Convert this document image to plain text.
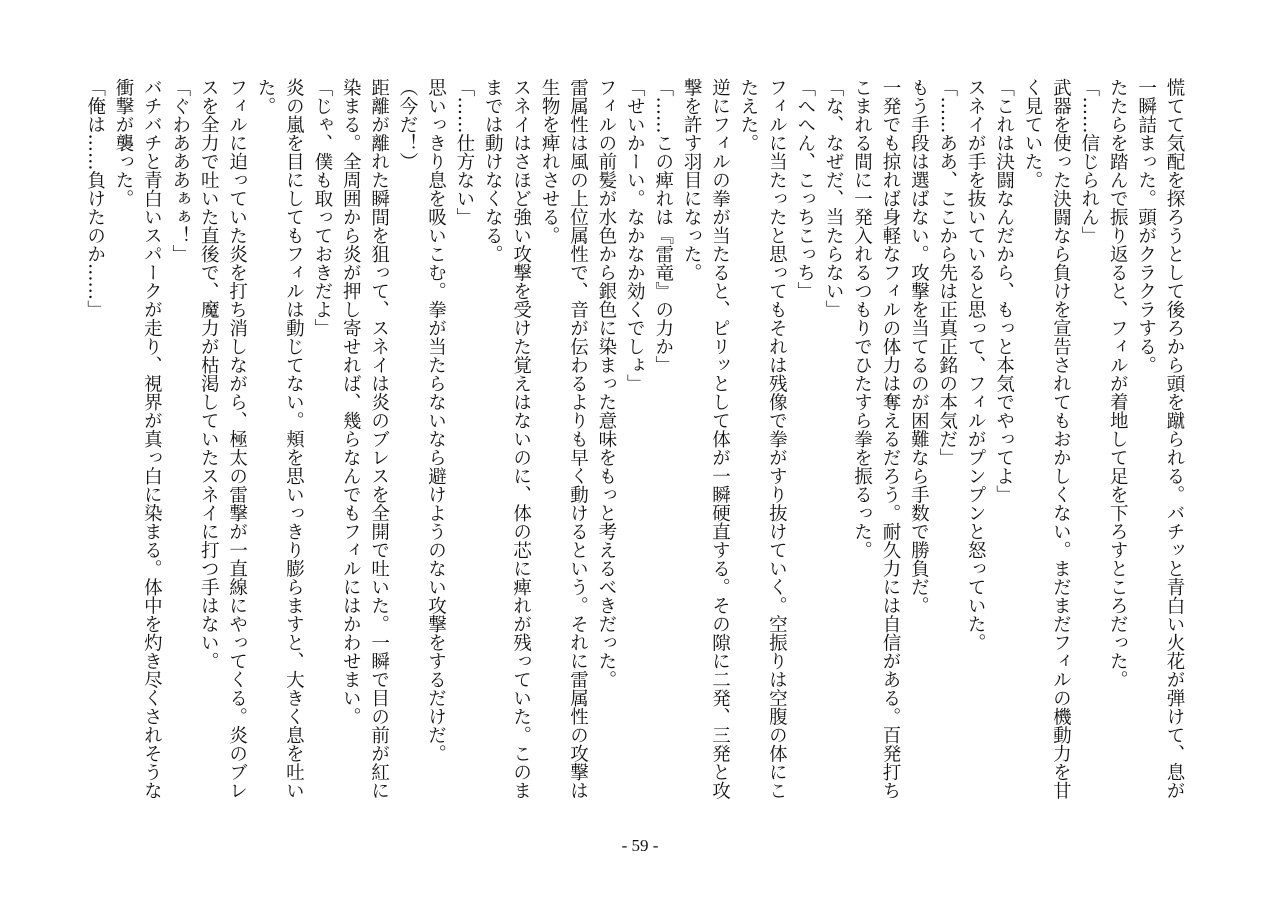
慌てて気配を探ろうとして後ろから頭を蹴られる。バチッと青白い火花が弾けて、息が
一瞬詰まった。頭がクラクラする。
たたらを踏んで振り返ると、フィルが着地して足を下ろすところだった。
「……信じられん」
武器を使った決闘なら負けを宣告されてもおかしくない。まだまだフィルの機動力を甘
く見ていた。
「これは決闘なんだから、もっと本気でやってよ」
スネイが手を抜いていると思って、フィルがプンプンと怒っていた。
「……ああ、ここから先は正真正銘の本気だ」
もう手段は選ばない。攻撃を当てるのが困難なら手数で勝負だ。
一発でも掠れば身軽なフィルの体力は奪えるだろう。耐久力には自信がある。百発打ち
こまれる間に一発入れるつもりでひたすら拳を振るった。
「な、なぜだ、当たらない」
「へへん、こっちこっち」
フィルに当たったと思ってもそれは残像で拳がすり抜けていく。空振りは空腹の体にこ
たえた。
逆にフィルの拳が当たると、ピリッとして体が一瞬硬直する。その隙に二発、三発と攻
撃を許す羽目になった。
「……この痺れは『雷竜』の力か」
「せいかーい。なかなか効くでしょ」
フィルの前髪が水色から銀色に染まった意味をもっと考えるべきだった。
雷属性は風の上位属性で、音が伝わるよりも早く動けるという。それに雷属性の攻撃は
生物を痺れさせる。
スネイはさほど強い攻撃を受けた覚えはないのに、体の芯に痺れが残っていた。このま
までは動けなくなる。
「……仕方ない」
思いっきり息を吸いこむ。拳が当たらないなら避けようのない攻撃をするだけだ。
（今だ！）
距離が離れた瞬間を狙って、スネイは炎のブレスを全開で吐いた。一瞬で目の前が紅に
染まる。全周囲から炎が押し寄せれば、幾らなんでもフィルにはかわせまい。
「じゃ、僕も取っておきだよ」
炎の嵐を目にしてもフィルは動じてない。頬を思いっきり膨らますと、大きく息を吐い
た。
フィルに迫っていた炎を打ち消しながら、極太の雷撃が一直線にやってくる。炎のブレ
スを全力で吐いた直後で、魔力が枯渇していたスネイに打つ手はない。
「ぐわあああぁぁ！」
バチバチと青白いスパークが走り、視界が真っ白に染まる。体中を灼き尽くされそうな
衝撃が襲った。
「俺は……負けたのか……」
- 59 -
